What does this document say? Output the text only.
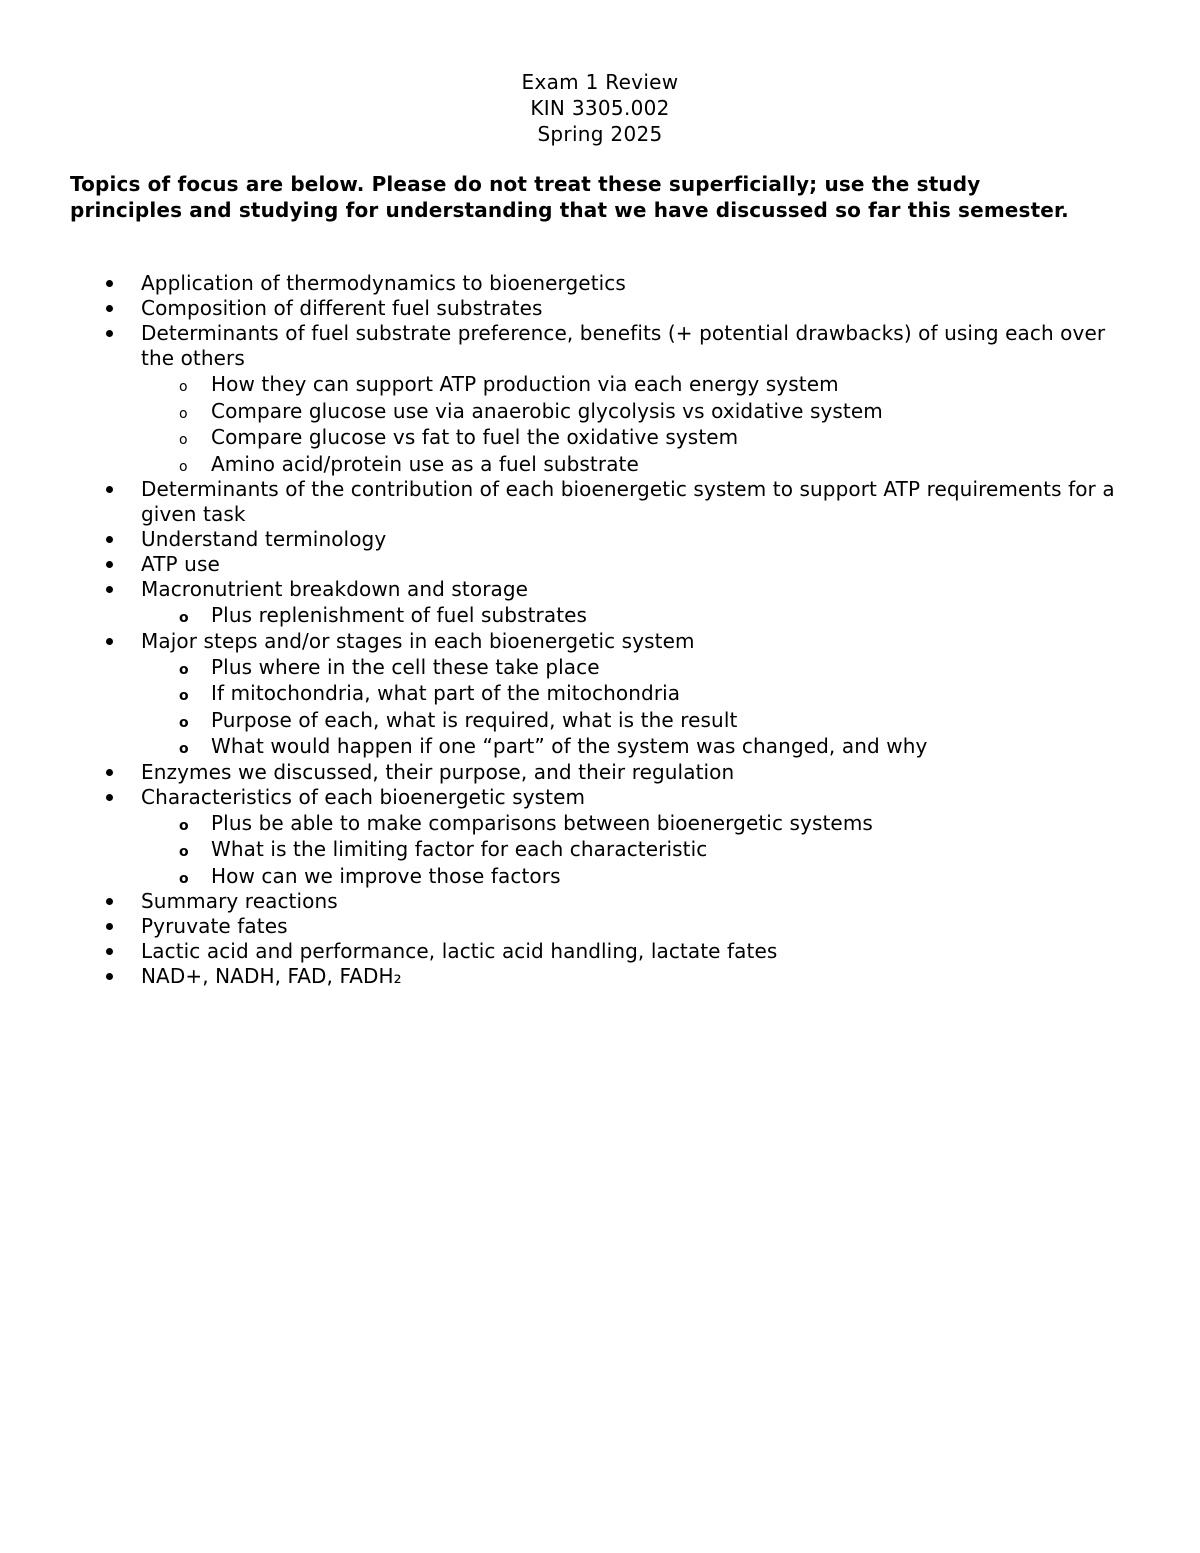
Exam 1 Review
KIN 3305.002
Spring 2025
Topics of focus are below. Please do not treat these superficially; use the study principles and studying for understanding that we have discussed so far this semester.
Application of thermodynamics to bioenergetics
Composition of different fuel substrates
Determinants of fuel substrate preference, benefits (+ potential drawbacks) of using each over the others
o How they can support ATP production via each energy system
o Compare glucose use via anaerobic glycolysis vs oxidative system
o Compare glucose vs fat to fuel the oxidative system
o Amino acid/protein use as a fuel substrate
Determinants of the contribution of each bioenergetic system to support ATP requirements for a given task
Understand terminology
ATP use
Macronutrient breakdown and storage
o Plus replenishment of fuel substrates
Major steps and/or stages in each bioenergetic system
o Plus where in the cell these take place
o If mitochondria, what part of the mitochondria
o Purpose of each, what is required, what is the result
o What would happen if one “part” of the system was changed, and why
Enzymes we discussed, their purpose, and their regulation
Characteristics of each bioenergetic system
o Plus be able to make comparisons between bioenergetic systems
o What is the limiting factor for each characteristic
o How can we improve those factors
Summary reactions
Pyruvate fates
Lactic acid and performance, lactic acid handling, lactate fates
NAD+, NADH, FAD, FADH₂
